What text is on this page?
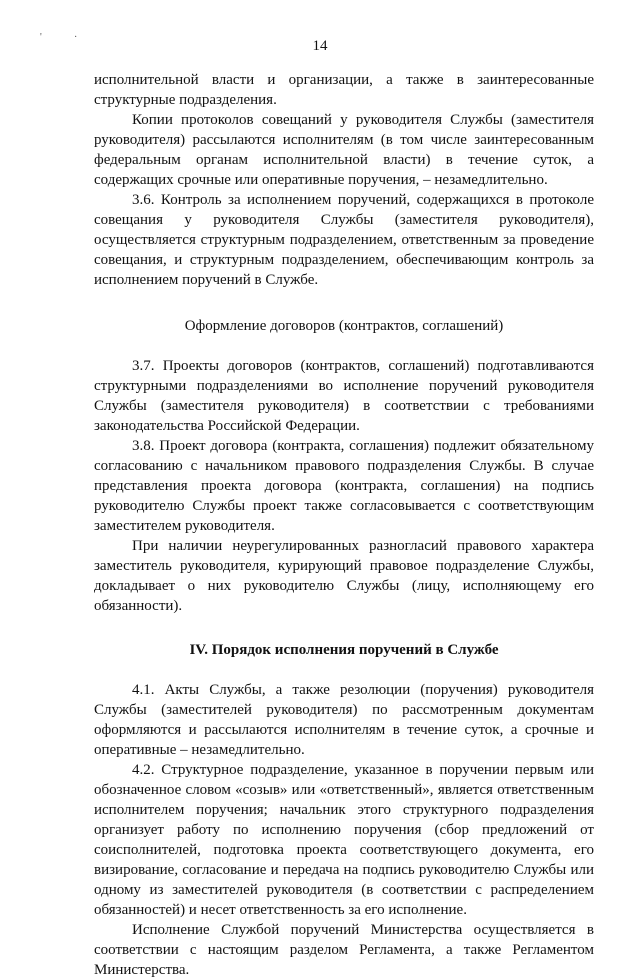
'	·
14

исполнительной власти и организации, а также в заинтересованные структурные подразделения.

Копии протоколов совещаний у руководителя Службы (заместителя руководителя) рассылаются исполнителям (в том числе заинтересованным федеральным органам исполнительной власти) в течение суток, а содержащих срочные или оперативные поручения, – незамедлительно.

3.6. Контроль за исполнением поручений, содержащихся в протоколе совещания у руководителя Службы (заместителя руководителя), осуществляется структурным подразделением, ответственным за проведение совещания, и структурным подразделением, обеспечивающим контроль за исполнением поручений в Службе.

Оформление договоров (контрактов, соглашений)

3.7. Проекты договоров (контрактов, соглашений) подготавливаются структурными подразделениями во исполнение поручений руководителя Службы (заместителя руководителя) в соответствии с требованиями законодательства Российской Федерации.

3.8. Проект договора (контракта, соглашения) подлежит обязательному согласованию с начальником правового подразделения Службы. В случае представления проекта договора (контракта, соглашения) на подпись руководителю Службы проект также согласовывается с соответствующим заместителем руководителя.

При наличии неурегулированных разногласий правового характера заместитель руководителя, курирующий правовое подразделение Службы, докладывает о них руководителю Службы (лицу, исполняющему его обязанности).

IV. Порядок исполнения поручений в Службе

4.1. Акты Службы, а также резолюции (поручения) руководителя Службы (заместителей руководителя) по рассмотренным документам оформляются и рассылаются исполнителям в течение суток, а срочные и оперативные – незамедлительно.

4.2. Структурное подразделение, указанное в поручении первым или обозначенное словом «созыв» или «ответственный», является ответственным исполнителем поручения; начальник этого структурного подразделения организует работу по исполнению поручения (сбор предложений от соисполнителей, подготовка проекта соответствующего документа, его визирование, согласование и передача на подпись руководителю Службы или одному из заместителей руководителя (в соответствии с распределением обязанностей) и несет ответственность за его исполнение.

Исполнение Службой поручений Министерства осуществляется в соответствии с настоящим разделом Регламента, а также Регламентом Министерства.
